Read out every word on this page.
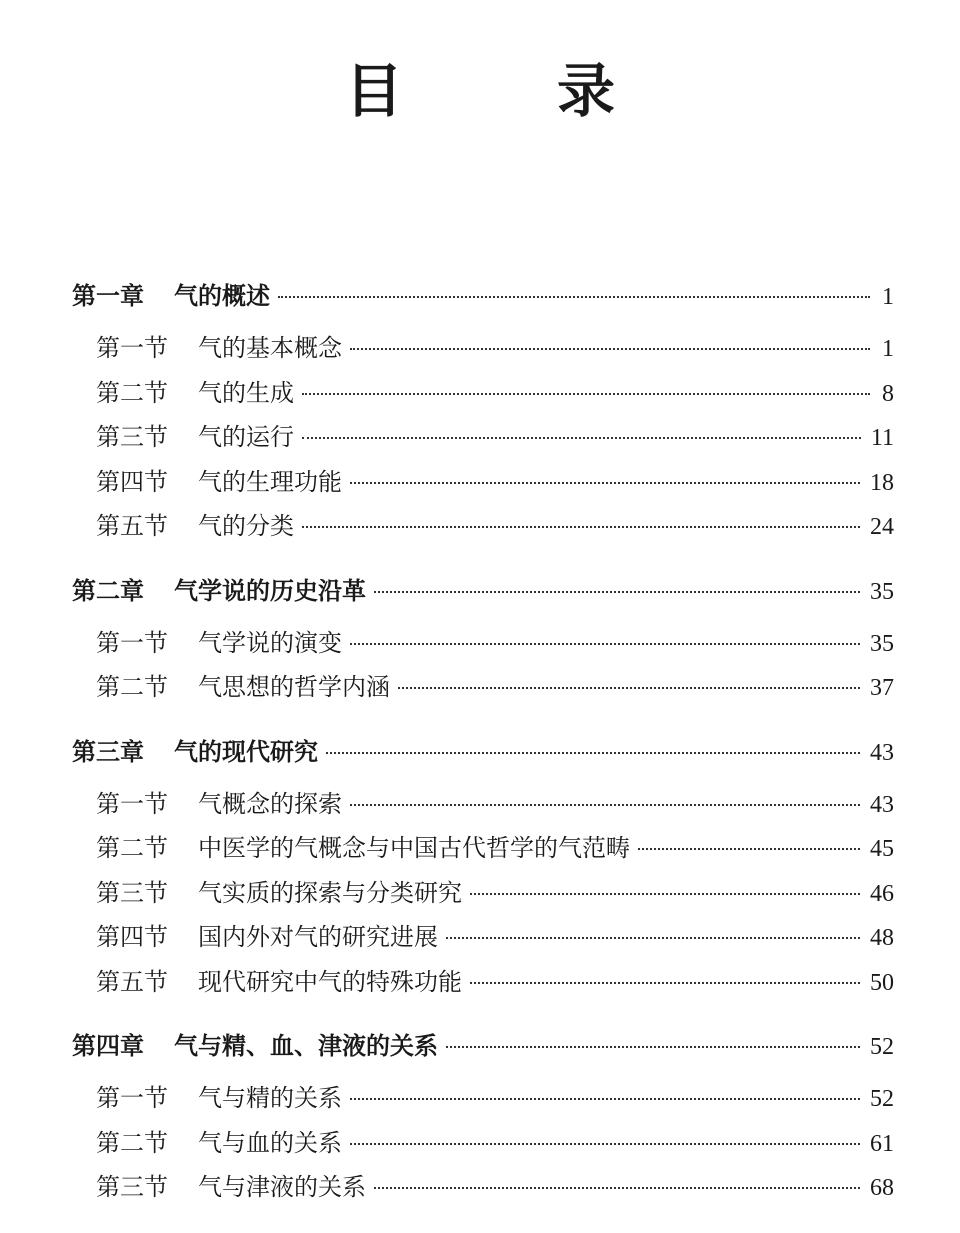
目　录
第一章	气的概述	1
第一节	气的基本概念	1
第二节	气的生成	8
第三节	气的运行	11
第四节	气的生理功能	18
第五节	气的分类	24
第二章	气学说的历史沿革	35
第一节	气学说的演变	35
第二节	气思想的哲学内涵	37
第三章	气的现代研究	43
第一节	气概念的探索	43
第二节	中医学的气概念与中国古代哲学的气范畴	45
第三节	气实质的探索与分类研究	46
第四节	国内外对气的研究进展	48
第五节	现代研究中气的特殊功能	50
第四章	气与精、血、津液的关系	52
第一节	气与精的关系	52
第二节	气与血的关系	61
第三节	气与津液的关系	68
